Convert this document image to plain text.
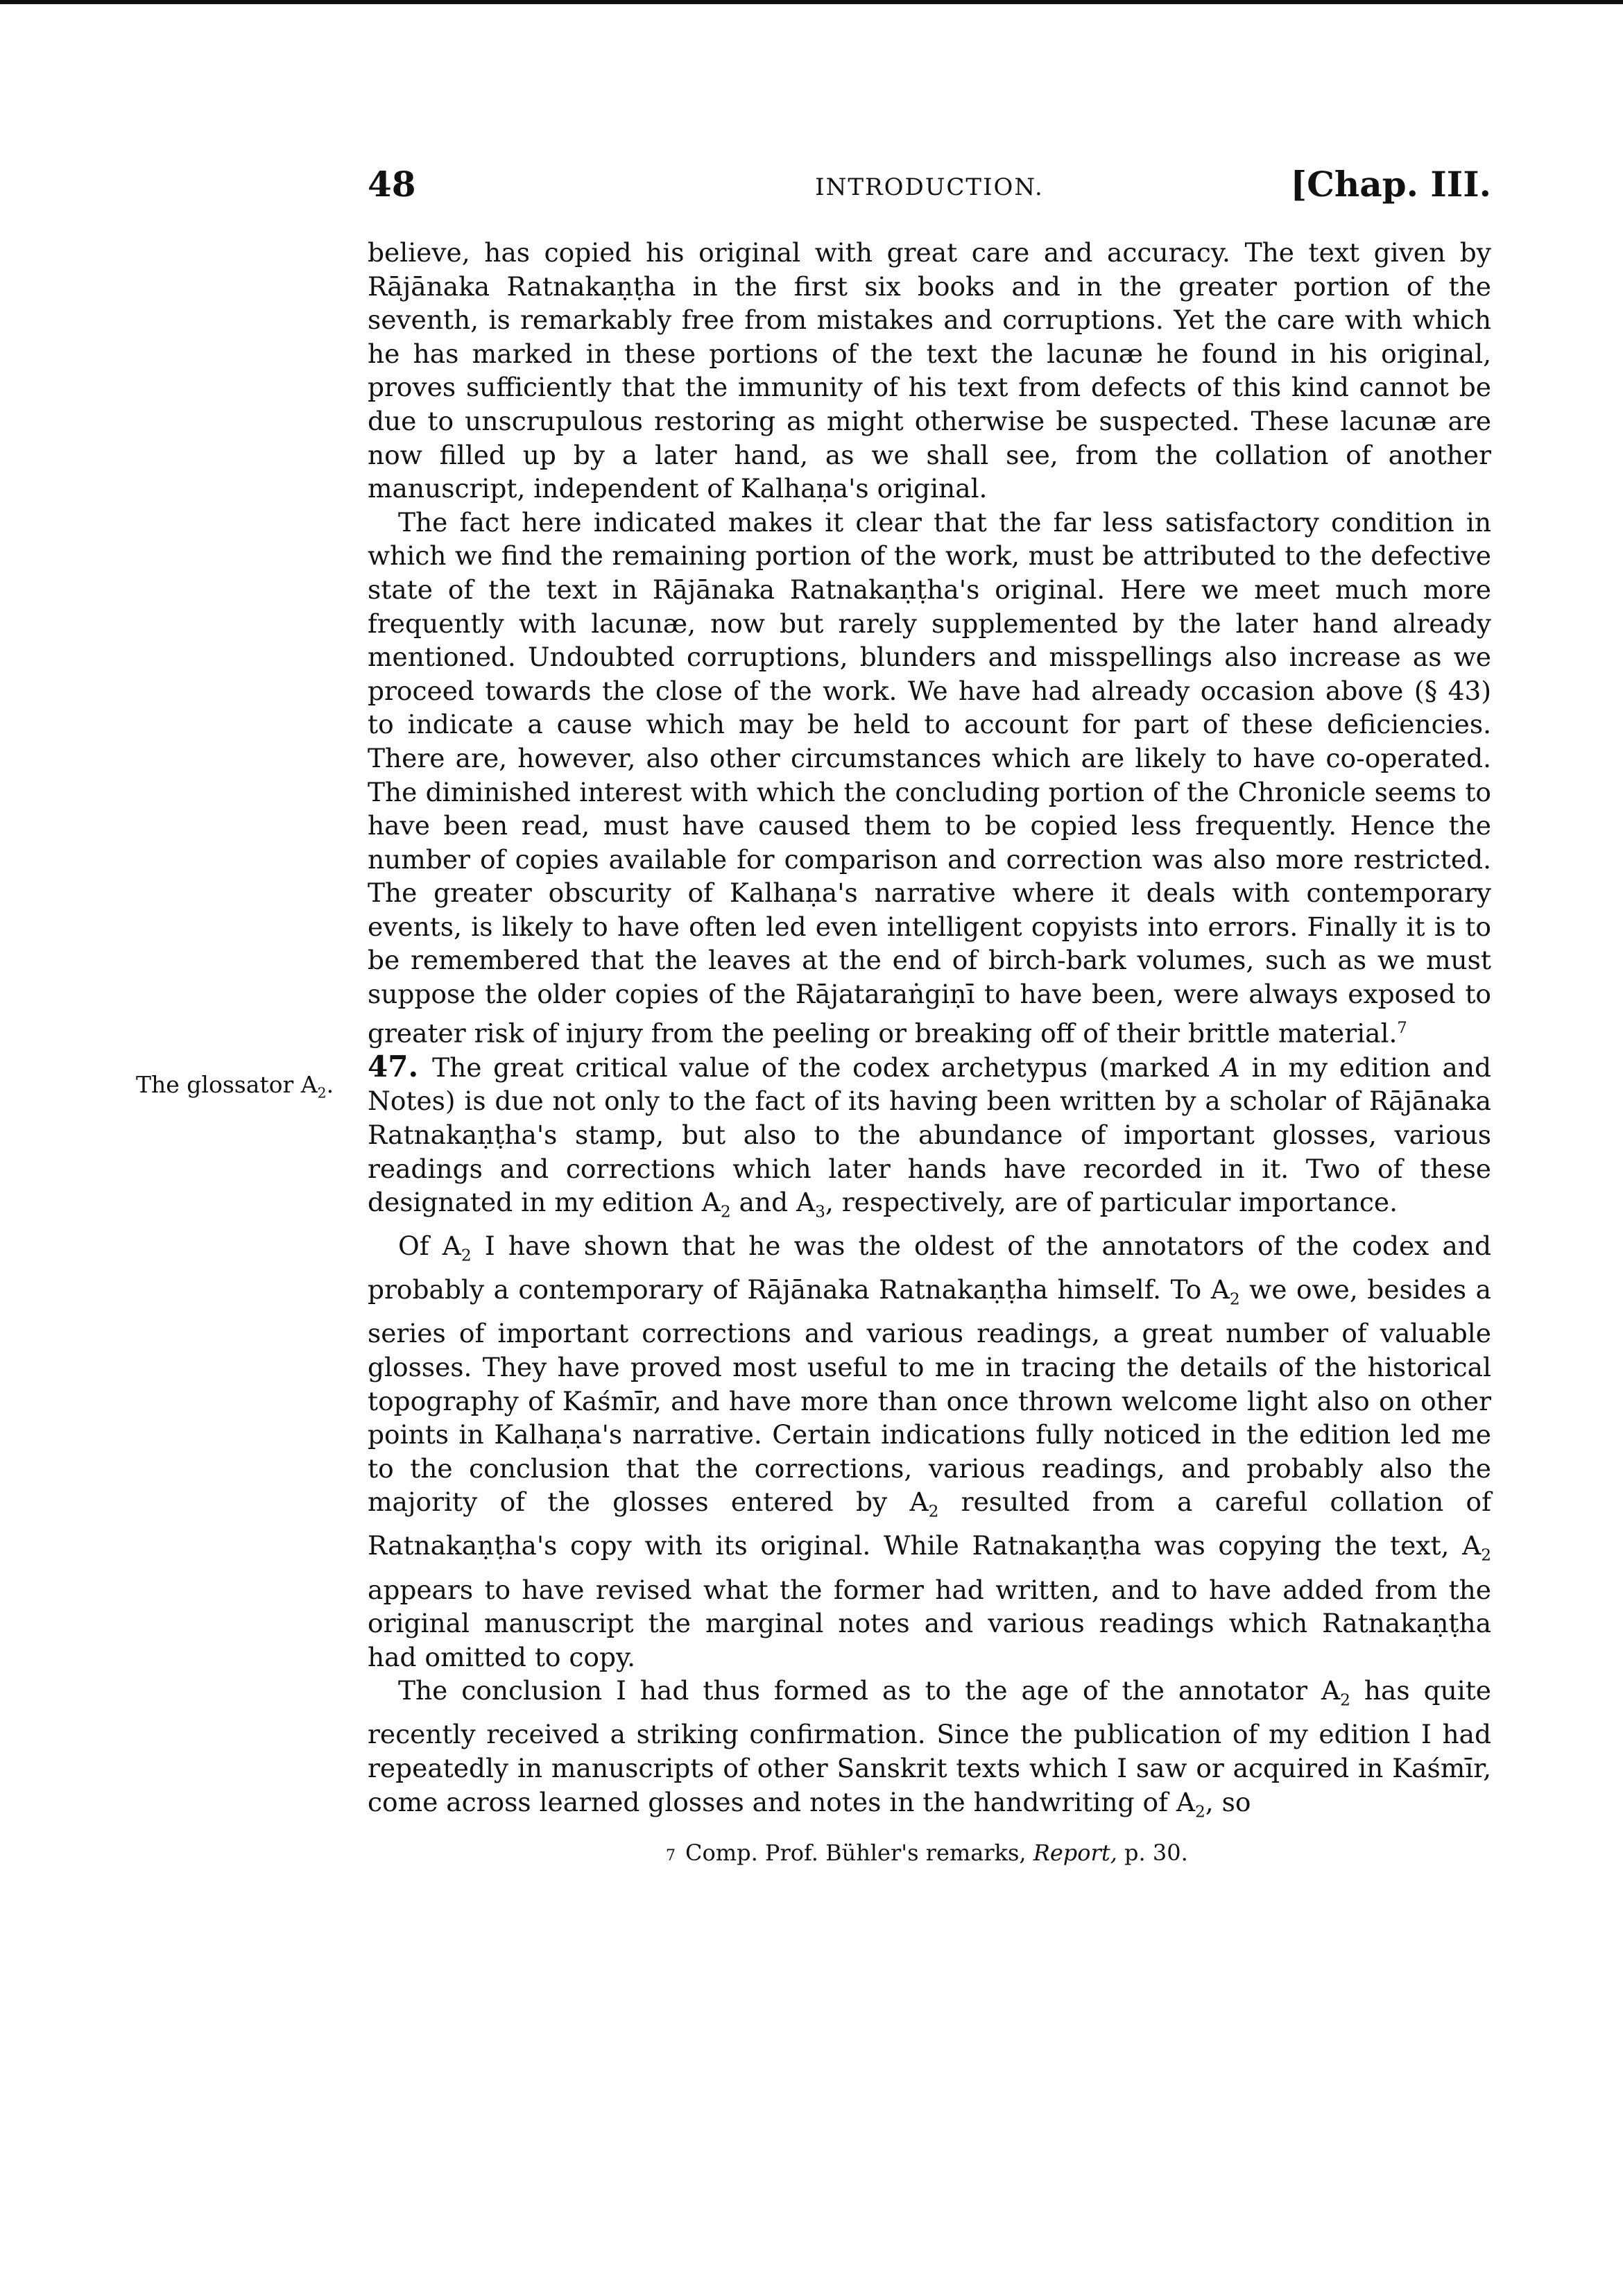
48	INTRODUCTION.	[Chap. III.
The glossator $A_2$.

believe, has copied his original with great care and accuracy. The text given by Rājānaka Ratnakaṇṭha in the first six books and in the greater portion of the seventh, is remarkably free from mistakes and corruptions. Yet the care with which he has marked in these portions of the text the lacunæ he found in his original, proves sufficiently that the immunity of his text from defects of this kind cannot be due to unscrupulous restoring as might otherwise be suspected. These lacunæ are now filled up by a later hand, as we shall see, from the collation of another manuscript, independent of Kalhaṇa's original.

The fact here indicated makes it clear that the far less satisfactory condition in which we find the remaining portion of the work, must be attributed to the defective state of the text in Rājānaka Ratnakaṇṭha's original. Here we meet much more frequently with lacunæ, now but rarely supplemented by the later hand already mentioned. Undoubted corruptions, blunders and misspellings also increase as we proceed towards the close of the work. We have had already occasion above (§ 43) to indicate a cause which may be held to account for part of these deficiencies. There are, however, also other circumstances which are likely to have co-operated. The diminished interest with which the concluding portion of the Chronicle seems to have been read, must have caused them to be copied less frequently. Hence the number of copies available for comparison and correction was also more restricted. The greater obscurity of Kalhaṇa's narrative where it deals with contemporary events, is likely to have often led even intelligent copyists into errors. Finally it is to be remembered that the leaves at the end of birch-bark volumes, such as we must suppose the older copies of the Rājataraṅgiṇī to have been, were always exposed to greater risk of injury from the peeling or breaking off of their brittle material.$^7$

47. The great critical value of the codex archetypus (marked A in my edition and Notes) is due not only to the fact of its having been written by a scholar of Rājānaka Ratnakaṇṭha's stamp, but also to the abundance of important glosses, various readings and corrections which later hands have recorded in it. Two of these designated in my edition $A_2$ and $A_3$, respectively, are of particular importance.

Of $A_2$ I have shown that he was the oldest of the annotators of the codex and probably a contemporary of Rājānaka Ratnakaṇṭha himself. To $A_2$ we owe, besides a series of important corrections and various readings, a great number of valuable glosses. They have proved most useful to me in tracing the details of the historical topography of Kaśmīr, and have more than once thrown welcome light also on other points in Kalhaṇa's narrative. Certain indications fully noticed in the edition led me to the conclusion that the corrections, various readings, and probably also the majority of the glosses entered by $A_2$ resulted from a careful collation of Ratnakaṇṭha's copy with its original. While Ratnakaṇṭha was copying the text, $A_2$ appears to have revised what the former had written, and to have added from the original manuscript the marginal notes and various readings which Ratnakaṇṭha had omitted to copy.

The conclusion I had thus formed as to the age of the annotator $A_2$ has quite recently received a striking confirmation. Since the publication of my edition I had repeatedly in manuscripts of other Sanskrit texts which I saw or acquired in Kaśmīr, come across learned glosses and notes in the handwriting of $A_2$, so

7 Comp. Prof. Bühler's remarks, Report, p. 30.
